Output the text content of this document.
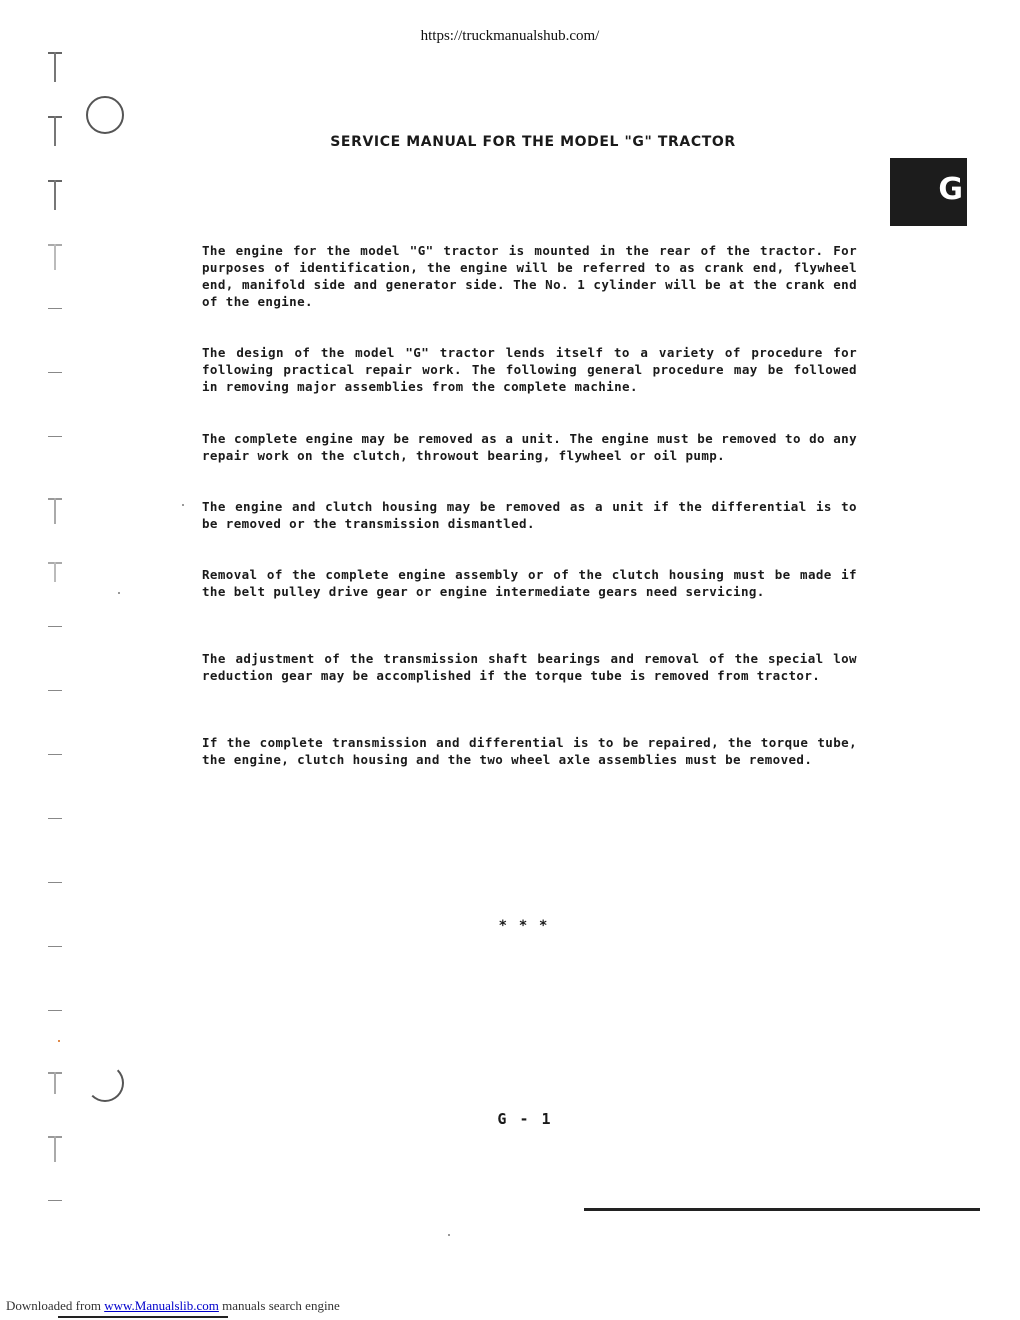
https://truckmanualshub.com/
SERVICE MANUAL FOR THE MODEL "G" TRACTOR
G

The engine for the model "G" tractor is mounted in the rear of the tractor. For purposes of identification, the engine will be referred to as crank end, flywheel end, manifold side and generator side. The No. 1 cylinder will be at the crank end of the engine.

The design of the model "G" tractor lends itself to a variety of procedure for following practical repair work. The following general procedure may be followed in removing major assemblies from the complete machine.

The complete engine may be removed as a unit. The engine must be removed to do any repair work on the clutch, throwout bearing, flywheel or oil pump.

The engine and clutch housing may be removed as a unit if the differential is to be removed or the transmission dismantled.

Removal of the complete engine assembly or of the clutch housing must be made if the belt pulley drive gear or engine intermediate gears need servicing.

The adjustment of the transmission shaft bearings and removal of the special low reduction gear may be accomplished if the torque tube is removed from tractor.

If the complete transmission and differential is to be repaired, the torque tube, the engine, clutch housing and the two wheel axle assemblies must be removed.

* * *
G - 1
Downloaded from www.Manualslib.com manuals search engine
